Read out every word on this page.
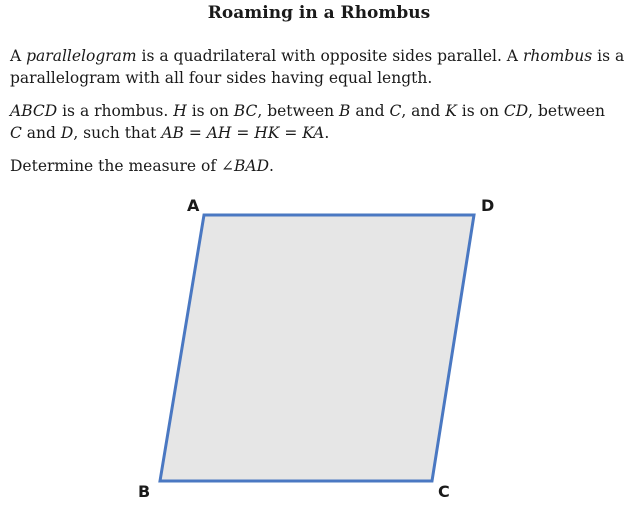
Roaming in a Rhombus

A parallelogram is a quadrilateral with opposite sides parallel. A rhombus is a parallelogram with all four sides having equal length.

ABCD is a rhombus. H is on BC, between B and C, and K is on CD, between
C and D, such that AB = AH = HK = KA.

Determine the measure of ∠BAD.

A	D
B	C
